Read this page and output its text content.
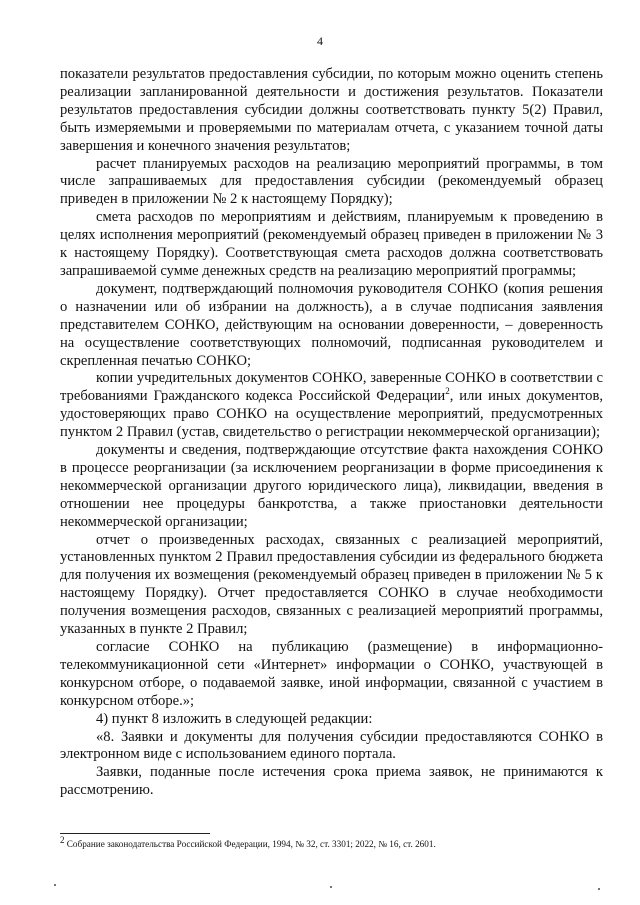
4

показатели результатов предоставления субсидии, по которым можно оценить степень реализации запланированной деятельности и достижения результатов. Показатели результатов предоставления субсидии должны соответствовать пункту 5(2) Правил, быть измеряемыми и проверяемыми по материалам отчета, с указанием точной даты завершения и конечного значения результатов;

расчет планируемых расходов на реализацию мероприятий программы, в том числе запрашиваемых для предоставления субсидии (рекомендуемый образец приведен в приложении № 2 к настоящему Порядку);

смета расходов по мероприятиям и действиям, планируемым к проведению в целях исполнения мероприятий (рекомендуемый образец приведен в приложении № 3 к настоящему Порядку). Соответствующая смета расходов должна соответствовать запрашиваемой сумме денежных средств на реализацию мероприятий программы;

документ, подтверждающий полномочия руководителя СОНКО (копия решения о назначении или об избрании на должность), а в случае подписания заявления представителем СОНКО, действующим на основании доверенности, – доверенность на осуществление соответствующих полномочий, подписанная руководителем и скрепленная печатью СОНКО;

копии учредительных документов СОНКО, заверенные СОНКО в соответствии с требованиями Гражданского кодекса Российской Федерации$^2$, или иных документов, удостоверяющих право СОНКО на осуществление мероприятий, предусмотренных пунктом 2 Правил (устав, свидетельство о регистрации некоммерческой организации);

документы и сведения, подтверждающие отсутствие факта нахождения СОНКО в процессе реорганизации (за исключением реорганизации в форме присоединения к некоммерческой организации другого юридического лица), ликвидации, введения в отношении нее процедуры банкротства, а также приостановки деятельности некоммерческой организации;

отчет о произведенных расходах, связанных с реализацией мероприятий, установленных пунктом 2 Правил предоставления субсидии из федерального бюджета для получения их возмещения (рекомендуемый образец приведен в приложении № 5 к настоящему Порядку). Отчет предоставляется СОНКО в случае необходимости получения возмещения расходов, связанных с реализацией мероприятий программы, указанных в пункте 2 Правил;

согласие СОНКО на публикацию (размещение) в информационно-телекоммуникационной сети «Интернет» информации о СОНКО, участвующей в конкурсном отборе, о подаваемой заявке, иной информации, связанной с участием в конкурсном отборе.»;

4) пункт 8 изложить в следующей редакции:

«8. Заявки и документы для получения субсидии предоставляются СОНКО в электронном виде с использованием единого портала.

Заявки, поданные после истечения срока приема заявок, не принимаются к рассмотрению.

$^2$ Собрание законодательства Российской Федерации, 1994, № 32, ст. 3301; 2022, № 16, ст. 2601.
